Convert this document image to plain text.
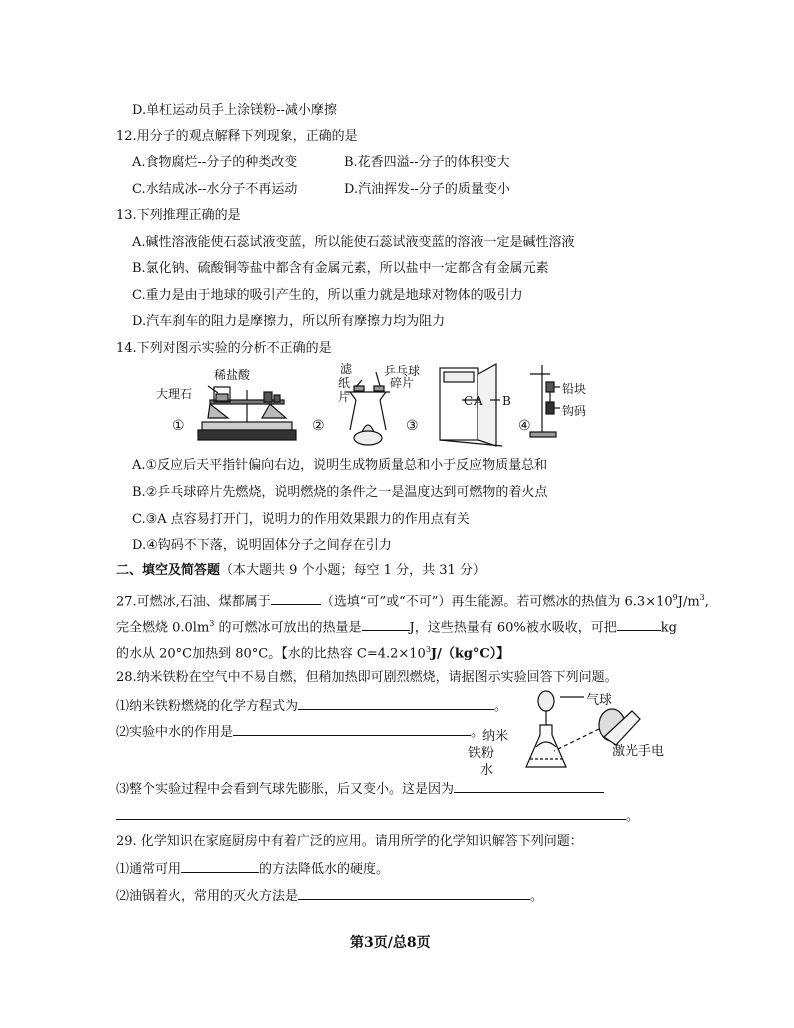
D.单杠运动员手上涂镁粉--减小摩擦
12.用分子的观点解释下列现象，正确的是
A.食物腐烂--分子的种类改变	B.花香四溢--分子的体积变大
C.水结成冰--水分子不再运动	D.汽油挥发--分子的质量变小
13.下列推理正确的是
A.碱性溶液能使石蕊试液变蓝，所以能使石蕊试液变蓝的溶液一定是碱性溶液
B.氯化钠、硫酸铜等盐中都含有金属元素，所以盐中一定都含有金属元素
C.重力是由于地球的吸引产生的，所以重力就是地球对物体的吸引力
D.汽车刹车的阻力是摩擦力，所以所有摩擦力均为阻力
14.下列对图示实验的分析不正确的是
①	②	③	④
大理石
稀盐酸	滤
纸
片
乒乓球
碎片
C A B
铅块
钩码
A.①反应后天平指针偏向右边，说明生成物质量总和小于反应物质量总和
B.②乒乓球碎片先燃烧，说明燃烧的条件之一是温度达到可燃物的着火点
C.③A 点容易打开门，说明力的作用效果跟力的作用点有关
D.④钩码不下落，说明固体分子之间存在引力
二、填空及简答题（本大题共 9 个小题；每空 1 分，共 31 分）
27.可燃冰,石油、煤都属于	（选填“可”或“不可”）再生能源。若可燃冰的热值为 $6.3\times 10^9J/m^3$,
完全燃烧 $0.0lm^3$ 的可燃冰可放出的热量是	J，这些热量有 60%被水吸收，可把	kg
的水从 20°C加热到 80°C。【水的比热容 $C=4.2\times 10^3J/(kg^\circ C)$】
28.纳米铁粉在空气中不易自燃，但稍加热即可剧烈燃烧，请据图示实验回答下列问题。
⑴纳米铁粉燃烧的化学方程式为	。
⑵实验中水的作用是	。
气球
纳米
铁粉
水
激光手电
⑶整个实验过程中会看到气球先膨胀，后又变小。这是因为
。
29. 化学知识在家庭厨房中有着广泛的应用。请用所学的化学知识解答下列问题：
⑴通常可用	的方法降低水的硬度。
⑵油锅着火，常用的灭火方法是	。
第3页/总8页
